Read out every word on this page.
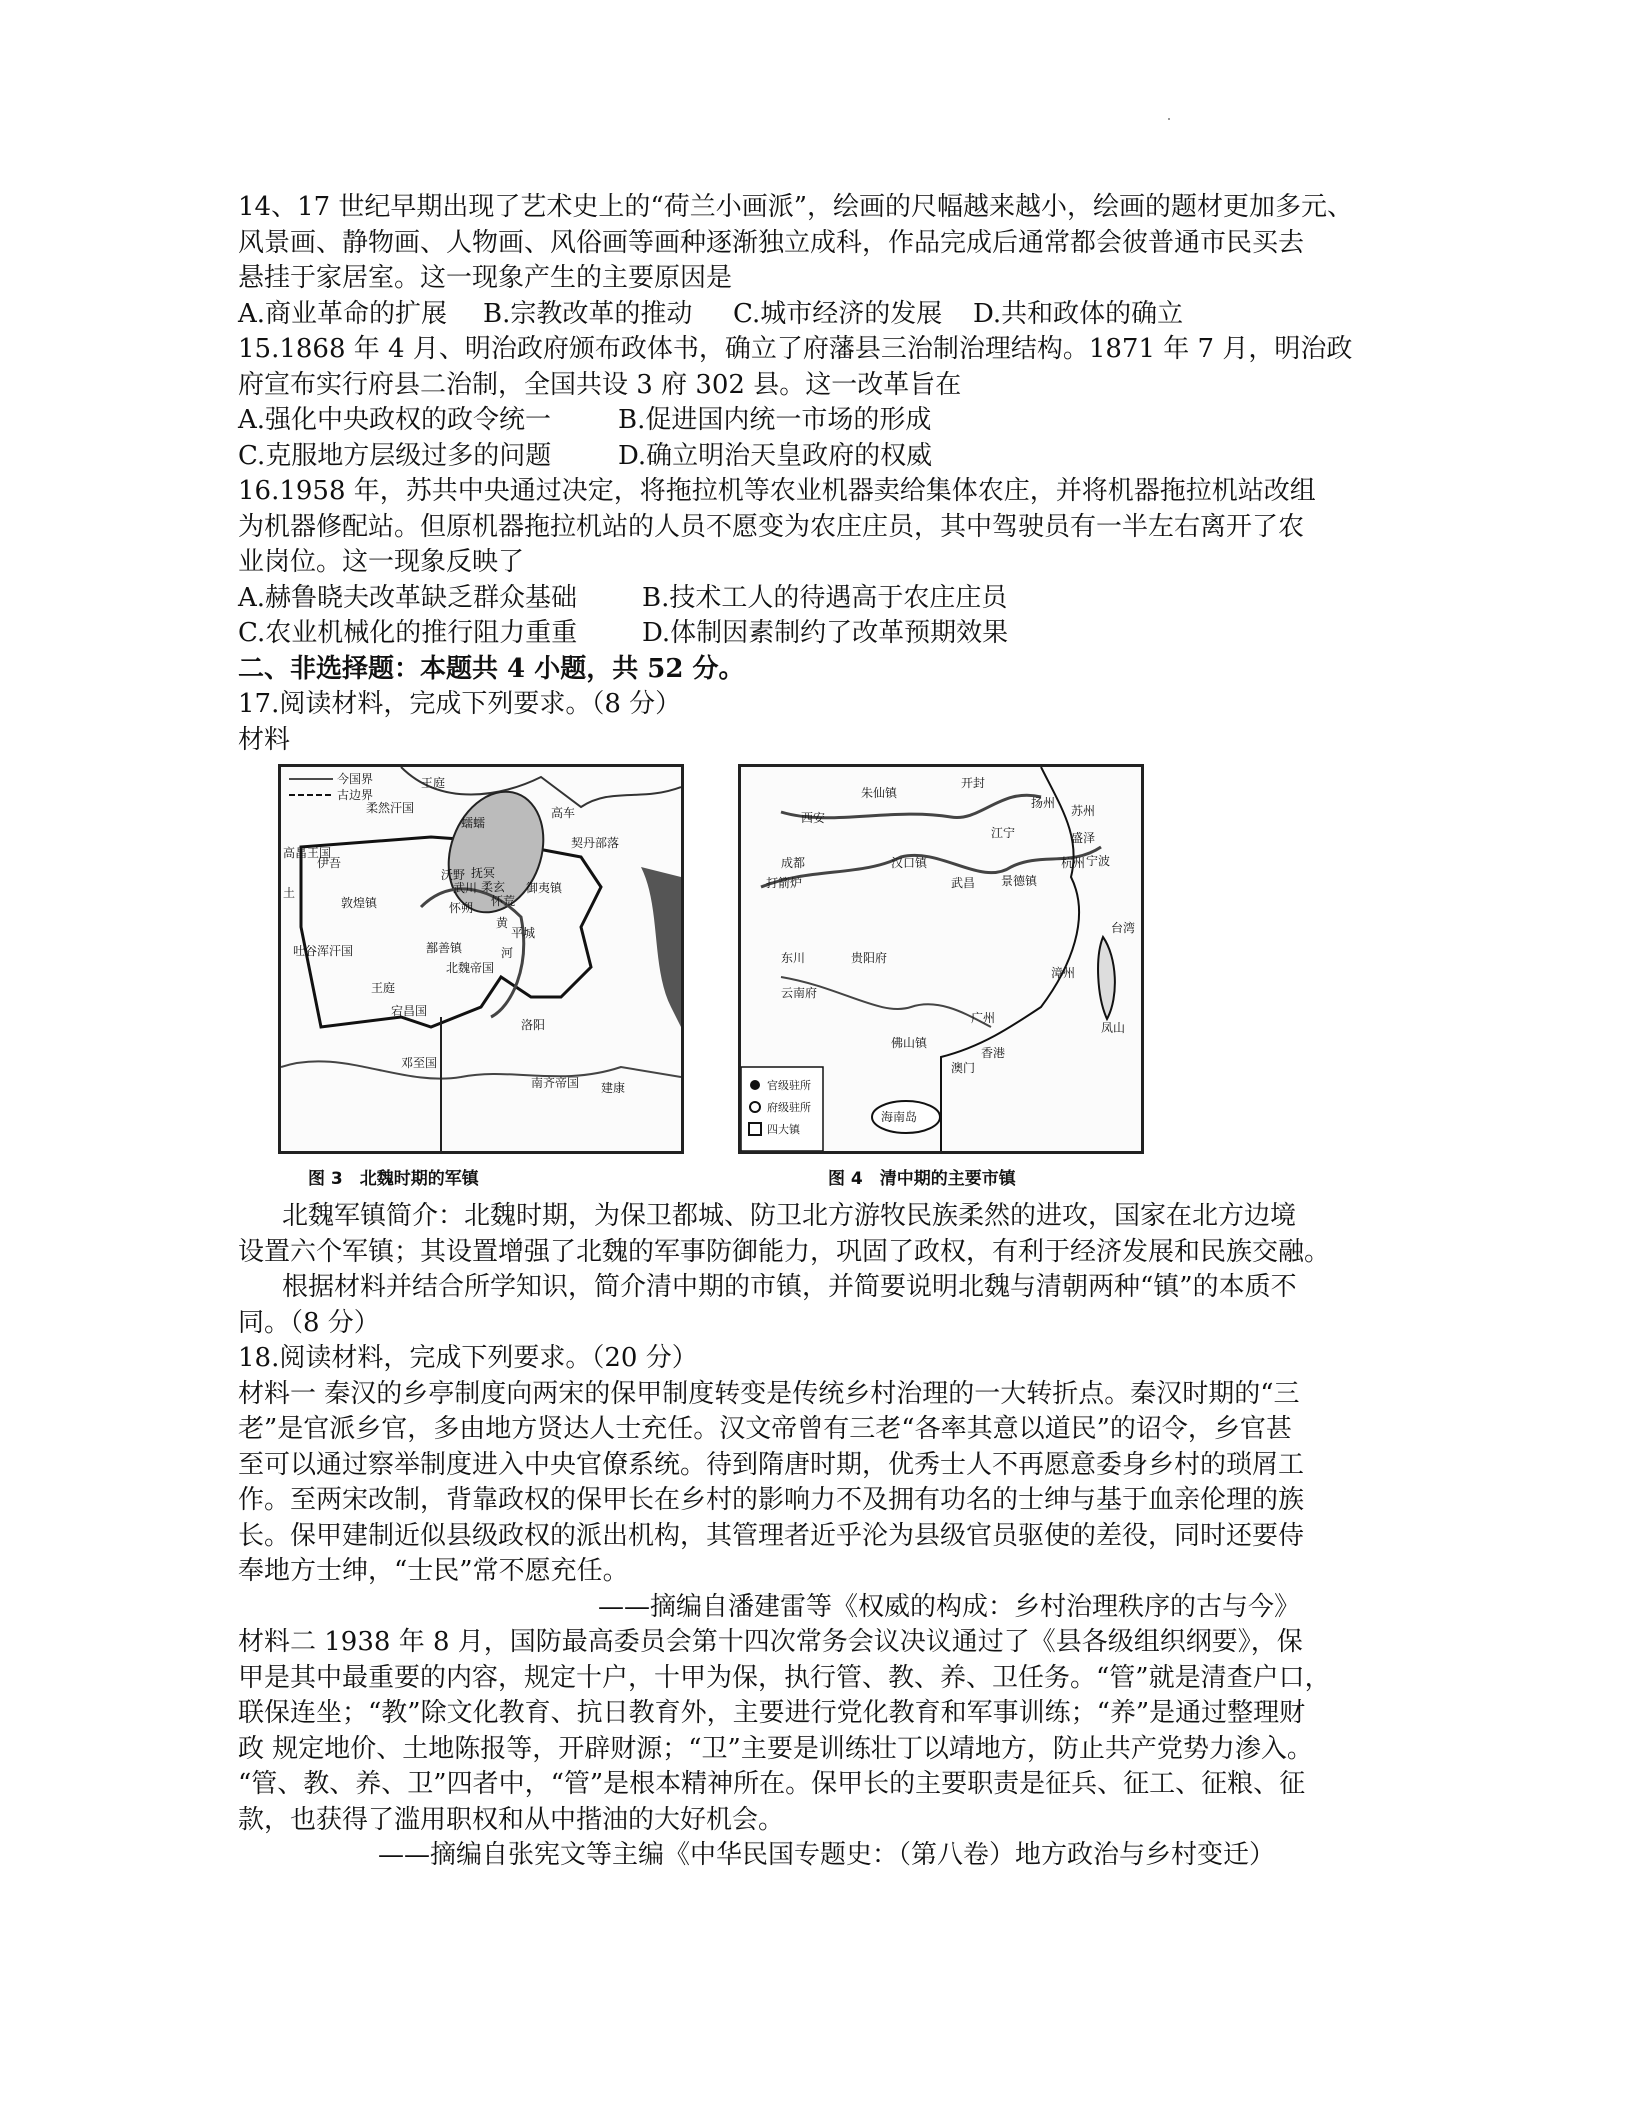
14、17 世纪早期出现了艺术史上的“荷兰小画派”，绘画的尺幅越来越小，绘画的题材更加多元、

风景画、静物画、人物画、风俗画等画种逐渐独立成科，作品完成后通常都会彼普通市民买去

悬挂于家居室。这一现象产生的主要原因是

A.商业革命的扩展 B.宗教改革的推动 C.城市经济的发展 D.共和政体的确立

15.1868 年 4 月、明治政府颁布政体书，确立了府藩县三治制治理结构。1871 年 7 月，明治政

府宣布实行府县二治制，全国共设 3 府 302 县。这一改革旨在

A.强化中央政权的政令统一	B.促进国内统一市场的形成

C.克服地方层级过多的问题	D.确立明治天皇政府的权威

16.1958 年，苏共中央通过决定，将拖拉机等农业机器卖给集体农庄，并将机器拖拉机站改组

为机器修配站。但原机器拖拉机站的人员不愿变为农庄庄员，其中驾驶员有一半左右离开了农

业岗位。这一现象反映了

A.赫鲁晓夫改革缺乏群众基础 B.技术工人的待遇高于农庄庄员

C.农业机械化的推行阻力重重 D.体制因素制约了改革预期效果

二、非选择题：本题共 4 小题，共 52 分。

17.阅读材料，完成下列要求。（8 分）

材料

今国界
古边界
王庭
柔然汗国	高车
蠕蠕
契丹部落
伊吾
沃野
怀朔
武川
抚冥
柔玄
怀荒
敦煌镇
御夷镇
吐谷浑汗国
王庭
鄯善镇
平城
北魏帝国
黄
河
宕昌国
洛阳
邓至国
南齐帝国 建康
高昌王国
土
图 3　北魏时期的军镇
朱仙镇
开封
扬州
苏州
西安
汉口镇
江宁	盛泽
成都
武昌
杭州 宁波
打箭炉	景德镇
贵阳府
东川
云南府
漳州
台湾
广州
凤山
佛山镇
香港
澳门
海南岛
官级驻所
府级驻所
四大镇
图 4　清中期的主要市镇

北魏军镇简介：北魏时期，为保卫都城、防卫北方游牧民族柔然的进攻，国家在北方边境

设置六个军镇；其设置增强了北魏的军事防御能力，巩固了政权，有利于经济发展和民族交融。

根据材料并结合所学知识，简介清中期的市镇，并简要说明北魏与清朝两种“镇”的本质不

同。（8 分）

18.阅读材料，完成下列要求。（20 分）

材料一 秦汉的乡亭制度向两宋的保甲制度转变是传统乡村治理的一大转折点。秦汉时期的“三

老”是官派乡官，多由地方贤达人士充任。汉文帝曾有三老“各率其意以道民”的诏令，乡官甚

至可以通过察举制度进入中央官僚系统。待到隋唐时期，优秀士人不再愿意委身乡村的琐屑工

作。至两宋改制，背靠政权的保甲长在乡村的影响力不及拥有功名的士绅与基于血亲伦理的族

长。保甲建制近似县级政权的派出机构，其管理者近乎沦为县级官员驱使的差役，同时还要侍

奉地方士绅，“士民”常不愿充任。

——摘编自潘建雷等《权威的构成：乡村治理秩序的古与今》

材料二 1938 年 8 月，国防最高委员会第十四次常务会议决议通过了《县各级组织纲要》，保

甲是其中最重要的内容，规定十户，十甲为保，执行管、教、养、卫任务。“管”就是清查户口，

联保连坐；“教”除文化教育、抗日教育外，主要进行党化教育和军事训练；“养”是通过整理财

政 规定地价、土地陈报等，开辟财源；“卫”主要是训练壮丁以靖地方，防止共产党势力渗入。

“管、教、养、卫”四者中，“管”是根本精神所在。保甲长的主要职责是征兵、征工、征粮、征

款，也获得了滥用职权和从中揩油的大好机会。

——摘编自张宪文等主编《中华民国专题史：（第八卷）地方政治与乡村变迁）
